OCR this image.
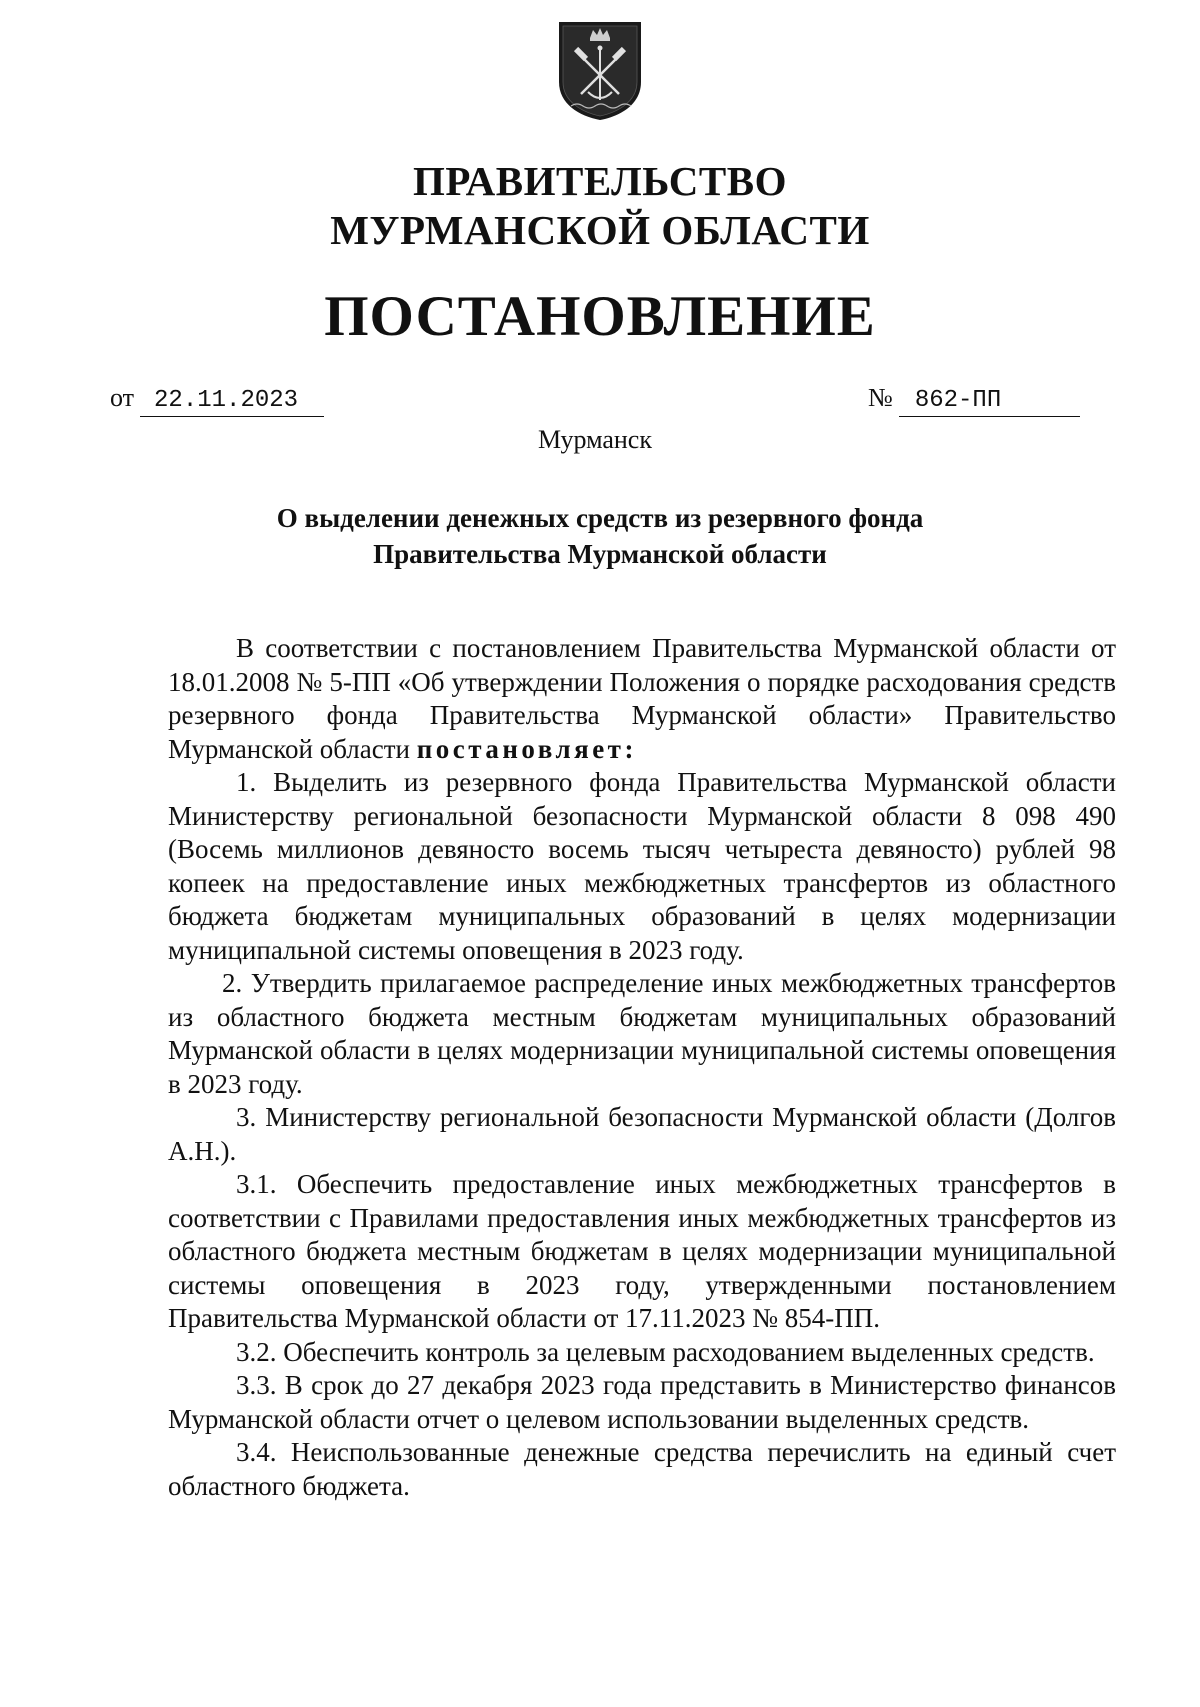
ПРАВИТЕЛЬСТВО
МУРМАНСКОЙ ОБЛАСТИ
ПОСТАНОВЛЕНИЕ
от 22.11.2023	№ 862-ПП
Мурманск
О выделении денежных средств из резервного фонда
Правительства Мурманской области

В соответствии с постановлением Правительства Мурманской области от 18.01.2008 № 5-ПП «Об утверждении Положения о порядке расходования средств резервного фонда Правительства Мурманской области» Правительство Мурманской области постановляет:

1. Выделить из резервного фонда Правительства Мурманской области Министерству региональной безопасности Мурманской области 8 098 490 (Восемь миллионов девяносто восемь тысяч четыреста девяносто) рублей 98 копеек на предоставление иных межбюджетных трансфертов из областного бюджета бюджетам муниципальных образований в целях модернизации муниципальной системы оповещения в 2023 году.

2. Утвердить прилагаемое распределение иных межбюджетных трансфертов из областного бюджета местным бюджетам муниципальных образований Мурманской области в целях модернизации муниципальной системы оповещения в 2023 году.

3. Министерству региональной безопасности Мурманской области (Долгов А.Н.).

3.1. Обеспечить предоставление иных межбюджетных трансфертов в соответствии с Правилами предоставления иных межбюджетных трансфертов из областного бюджета местным бюджетам в целях модернизации муниципальной системы оповещения в 2023 году, утвержденными постановлением Правительства Мурманской области от 17.11.2023 № 854-ПП.

3.2. Обеспечить контроль за целевым расходованием выделенных средств.

3.3. В срок до 27 декабря 2023 года представить в Министерство финансов Мурманской области отчет о целевом использовании выделенных средств.

3.4. Неиспользованные денежные средства перечислить на единый счет областного бюджета.
